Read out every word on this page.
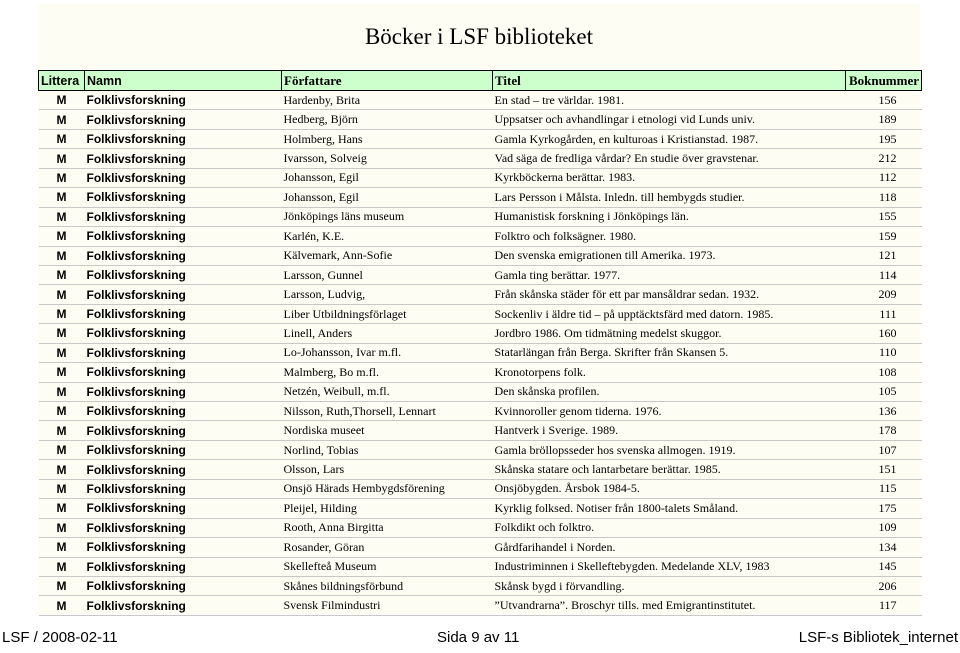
Böcker i LSF biblioteket
Littera	Namn	Författare	Titel	Boknummer
M	Folklivsforskning	Hardenby, Brita	En stad – tre världar. 1981.	156
M	Folklivsforskning	Hedberg, Björn	Uppsatser och avhandlingar i etnologi vid Lunds univ.	189
M	Folklivsforskning	Holmberg, Hans	Gamla Kyrkogården, en kulturoas i Kristianstad. 1987.	195
M	Folklivsforskning	Ivarsson, Solveig	Vad säga de fredliga vårdar? En studie över gravstenar.	212
M	Folklivsforskning	Johansson, Egil	Kyrkböckerna berättar. 1983.	112
M	Folklivsforskning	Johansson, Egil	Lars Persson i Målsta. Inledn. till hembygds studier.	118
M	Folklivsforskning	Jönköpings läns museum	Humanistisk forskning i Jönköpings län.	155
M	Folklivsforskning	Karlén, K.E.	Folktro och folksägner. 1980.	159
M	Folklivsforskning	Kälvemark, Ann-Sofie	Den svenska emigrationen till Amerika. 1973.	121
M	Folklivsforskning	Larsson, Gunnel	Gamla ting berättar. 1977.	114
M	Folklivsforskning	Larsson, Ludvig,	Från skånska städer för ett par mansåldrar sedan. 1932.	209
M	Folklivsforskning	Liber Utbildningsförlaget	Sockenliv i äldre tid – på upptäcktsfärd med datorn. 1985.	111
M	Folklivsforskning	Linell, Anders	Jordbro 1986. Om tidmätning medelst skuggor.	160
M	Folklivsforskning	Lo-Johansson, Ivar m.fl.	Statarlängan från Berga. Skrifter från Skansen 5.	110
M	Folklivsforskning	Malmberg, Bo m.fl.	Kronotorpens folk.	108
M	Folklivsforskning	Netzén, Weibull, m.fl.	Den skånska profilen.	105
M	Folklivsforskning	Nilsson, Ruth,Thorsell, Lennart	Kvinnoroller genom tiderna. 1976.	136
M	Folklivsforskning	Nordiska museet	Hantverk i Sverige. 1989.	178
M	Folklivsforskning	Norlind, Tobias	Gamla bröllopsseder hos svenska allmogen. 1919.	107
M	Folklivsforskning	Olsson, Lars	Skånska statare och lantarbetare berättar. 1985.	151
M	Folklivsforskning	Onsjö Härads Hembygdsförening	Onsjöbygden. Årsbok 1984-5.	115
M	Folklivsforskning	Pleijel, Hilding	Kyrklig folksed. Notiser från 1800-talets Småland.	175
M	Folklivsforskning	Rooth, Anna Birgitta	Folkdikt och folktro.	109
M	Folklivsforskning	Rosander, Göran	Gårdfarihandel i Norden.	134
M	Folklivsforskning	Skellefteå Museum	Industriminnen i Skelleftebygden. Medelande XLV, 1983	145
M	Folklivsforskning	Skånes bildningsförbund	Skånsk bygd i förvandling.	206
M	Folklivsforskning	Svensk Filmindustri	”Utvandrarna”. Broschyr tills. med Emigrantinstitutet.	117
LSF / 2008-02-11	Sida 9 av 11	LSF-s Bibliotek_internet
